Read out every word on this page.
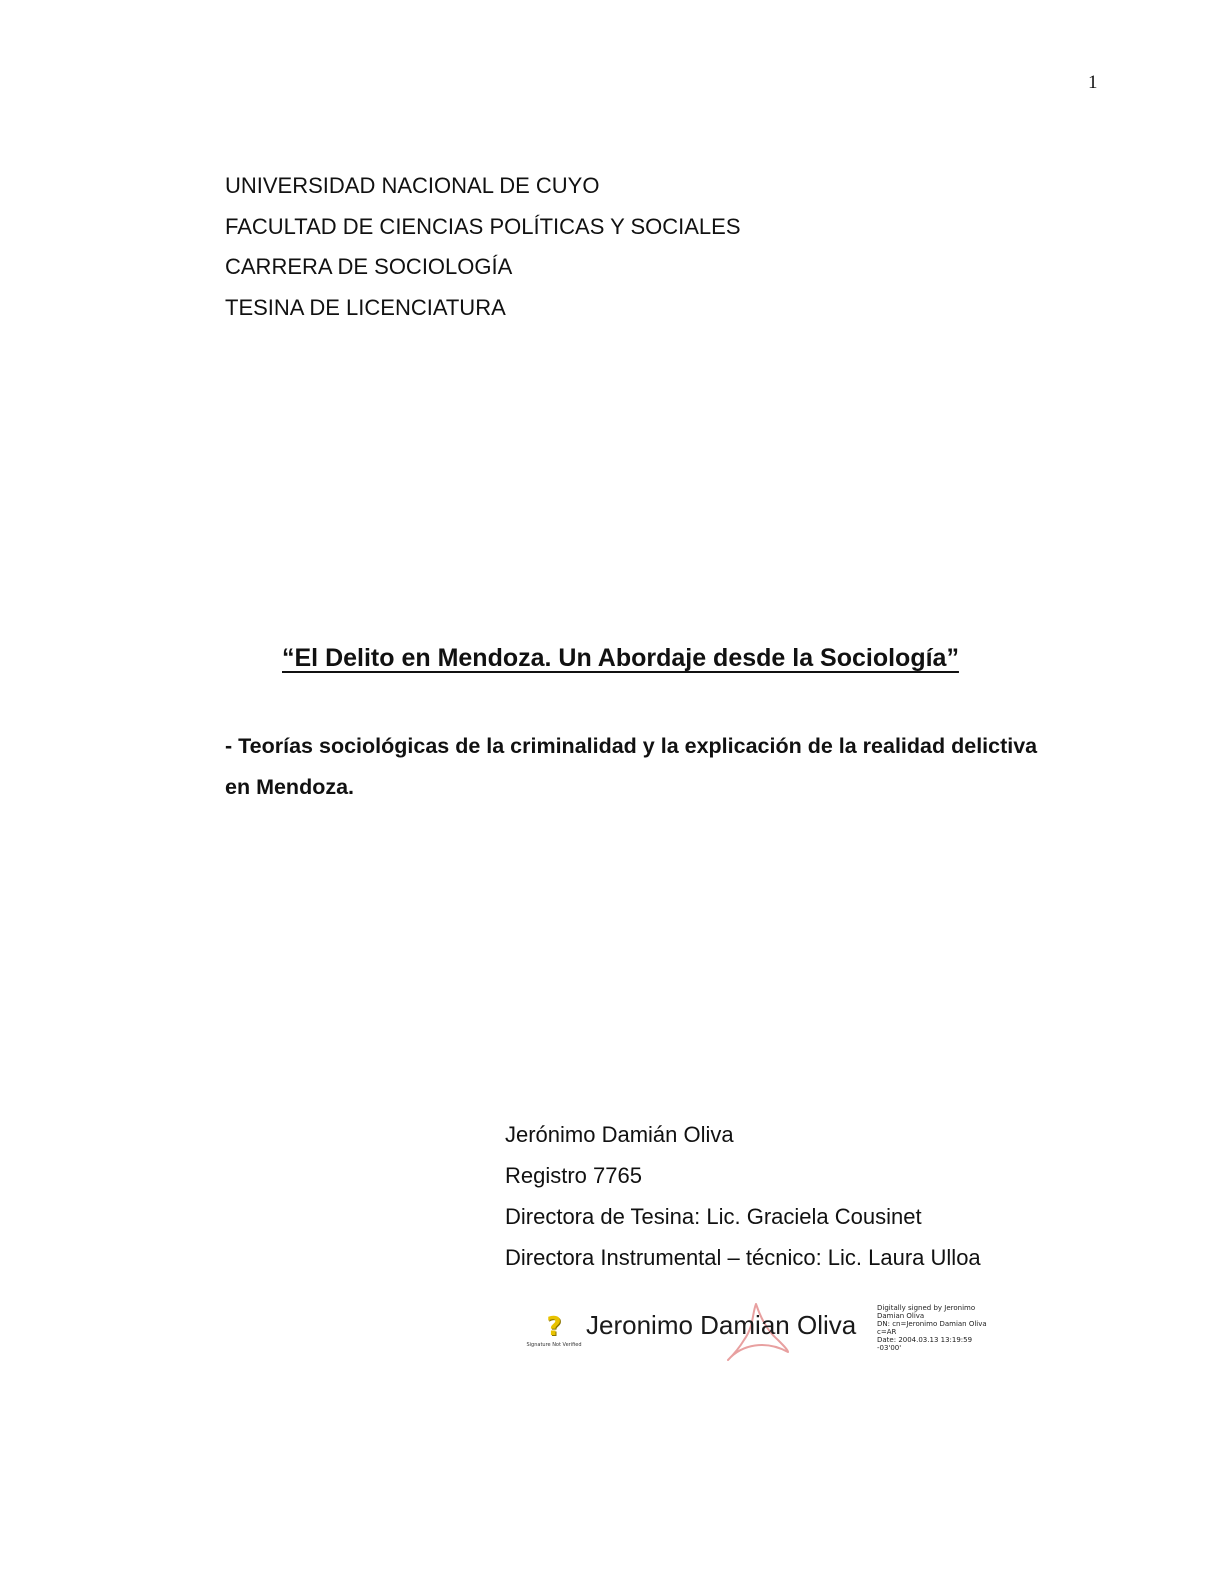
1
UNIVERSIDAD NACIONAL DE CUYO
FACULTAD DE CIENCIAS POLÍTICAS Y SOCIALES
CARRERA DE SOCIOLOGÍA
TESINA DE LICENCIATURA
“El Delito en Mendoza. Un Abordaje desde la Sociología”
- Teorías sociológicas de la criminalidad y la explicación de la realidad delictiva en Mendoza.
Jerónimo Damián Oliva
Registro 7765
Directora de Tesina: Lic. Graciela Cousinet
Directora Instrumental – técnico: Lic. Laura Ulloa
?
Signature Not Verified
Jeronimo Damian Oliva
Digitally signed by Jeronimo
Damian Oliva
DN: cn=Jeronimo Damian Oliva
c=AR
Date: 2004.03.13 13:19:59
-03'00'
